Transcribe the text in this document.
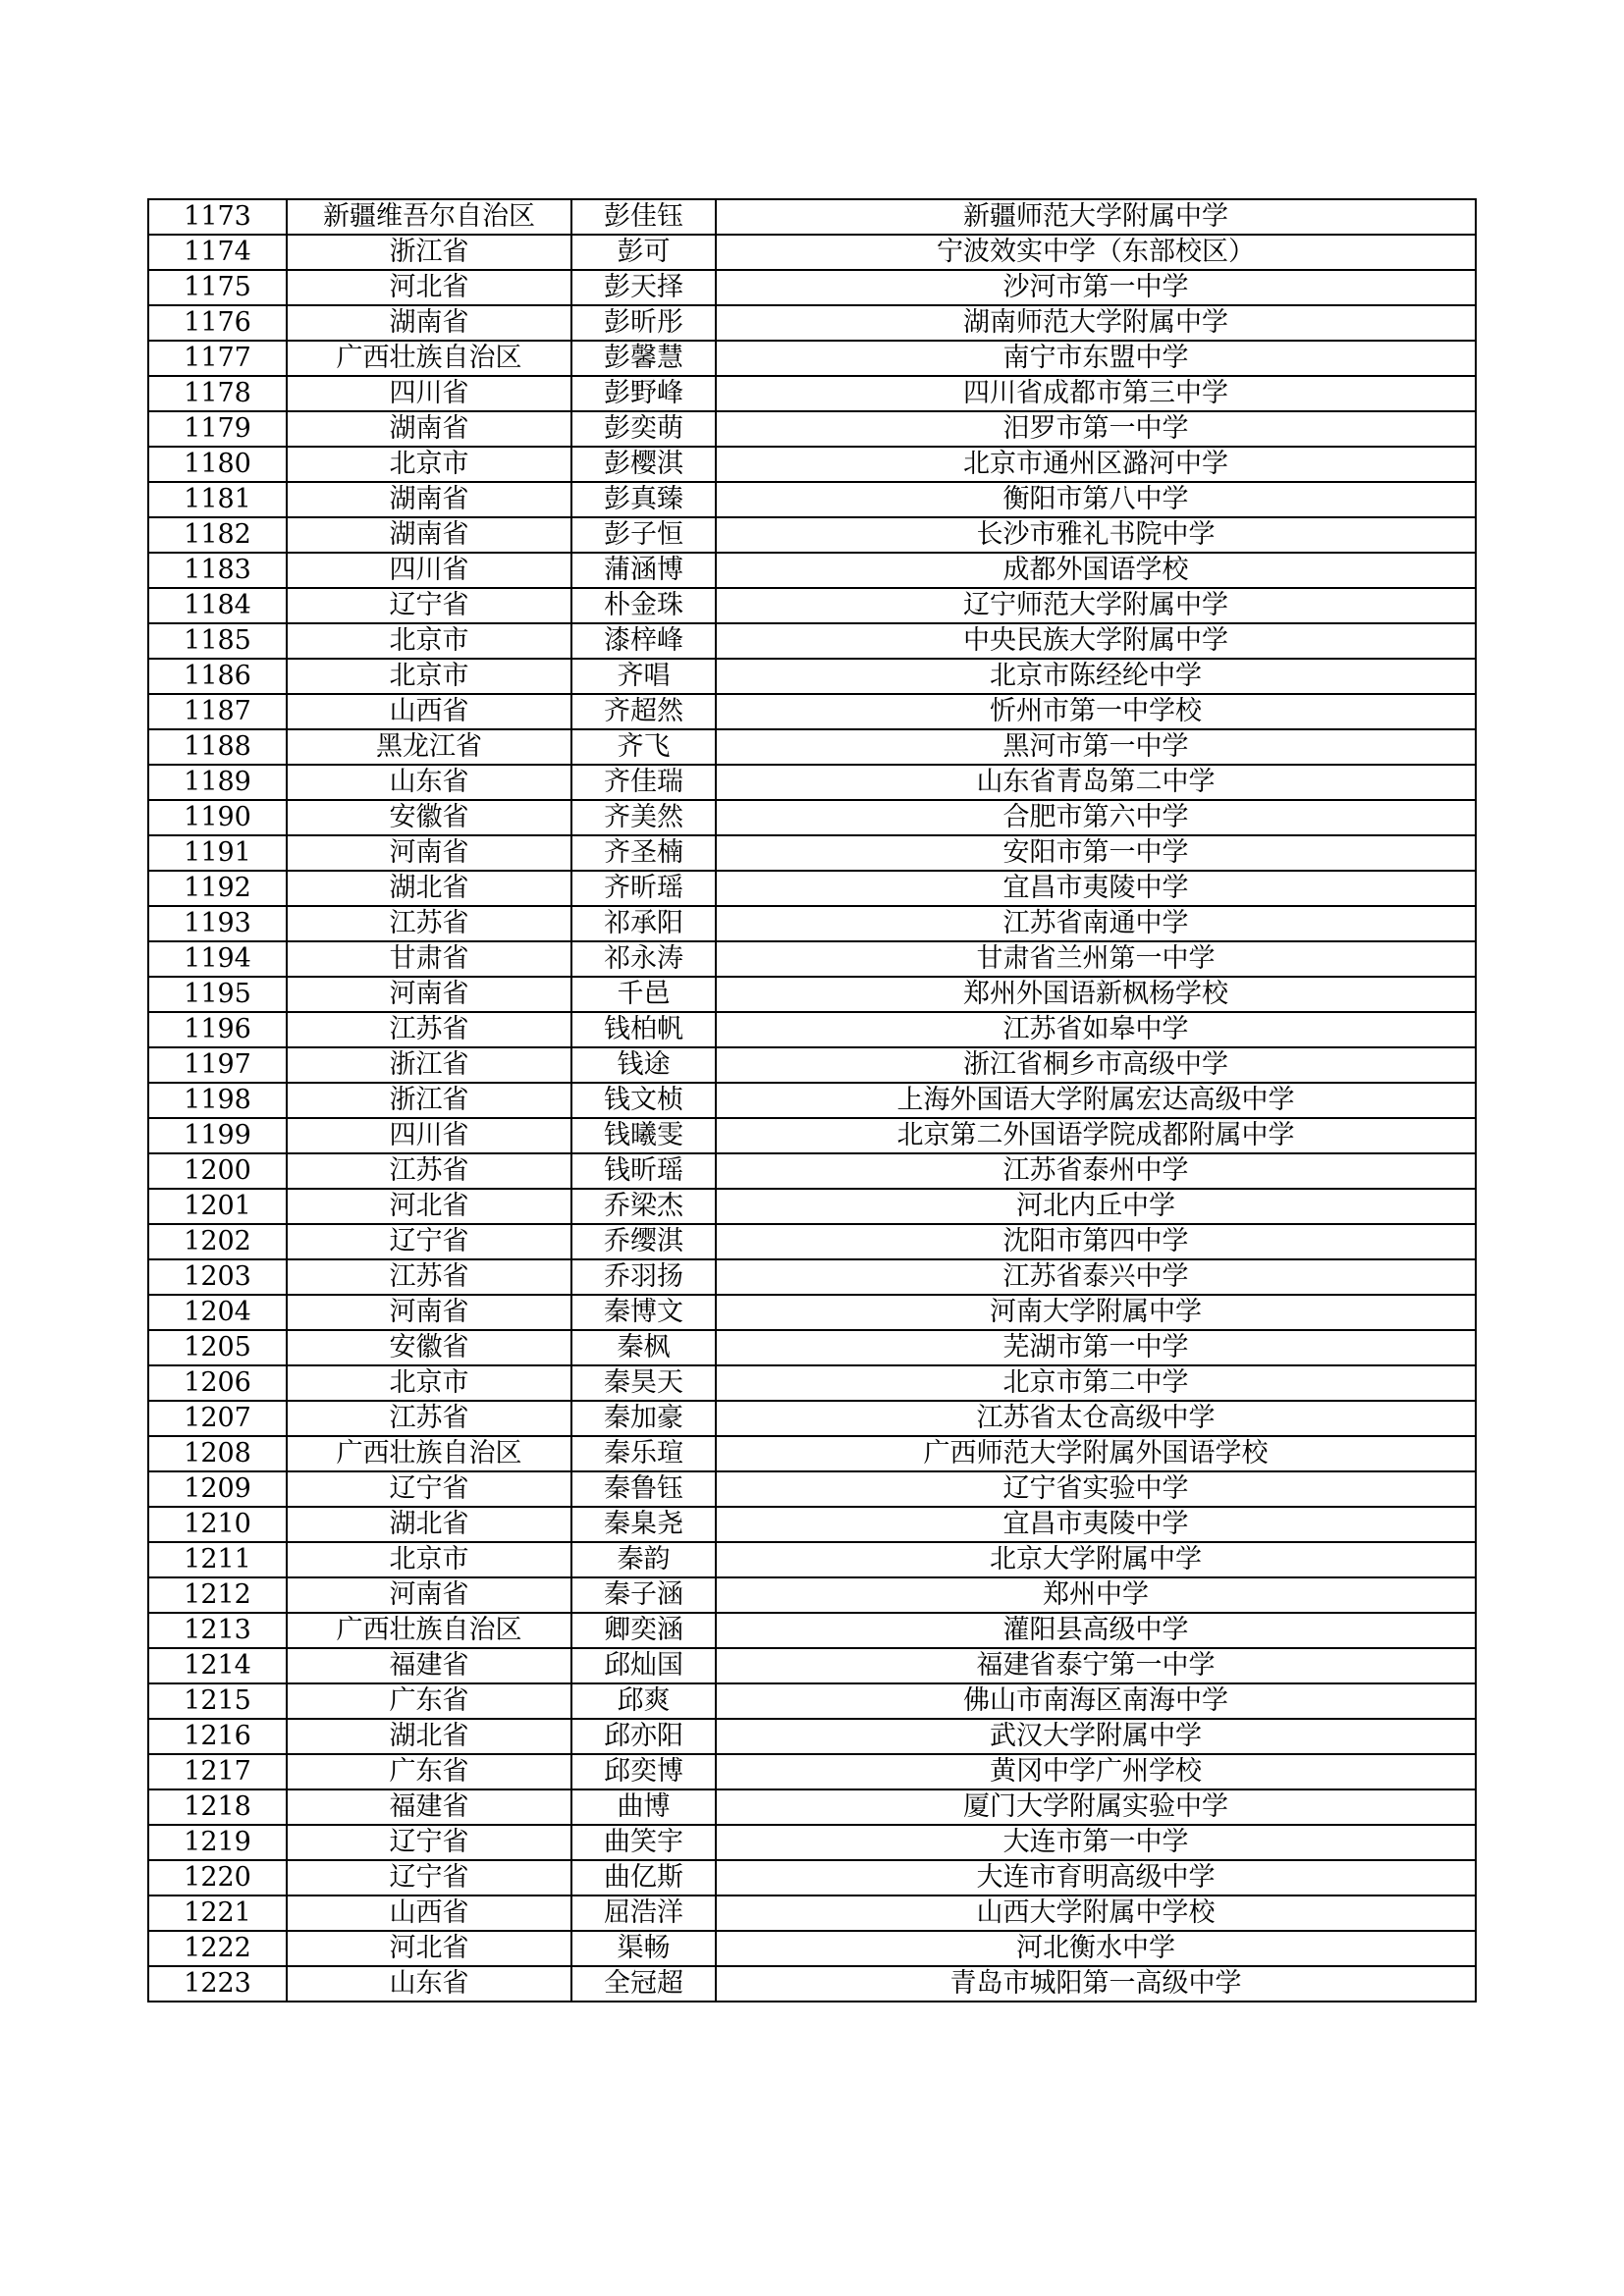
1173	新疆维吾尔自治区	彭佳钰	新疆师范大学附属中学
1174	浙江省	彭可	宁波效实中学（东部校区）
1175	河北省	彭天择	沙河市第一中学
1176	湖南省	彭昕彤	湖南师范大学附属中学
1177	广西壮族自治区	彭馨慧	南宁市东盟中学
1178	四川省	彭野峰	四川省成都市第三中学
1179	湖南省	彭奕萌	汨罗市第一中学
1180	北京市	彭樱淇	北京市通州区潞河中学
1181	湖南省	彭真臻	衡阳市第八中学
1182	湖南省	彭子恒	长沙市雅礼书院中学
1183	四川省	蒲涵博	成都外国语学校
1184	辽宁省	朴金珠	辽宁师范大学附属中学
1185	北京市	漆梓峰	中央民族大学附属中学
1186	北京市	齐唱	北京市陈经纶中学
1187	山西省	齐超然	忻州市第一中学校
1188	黑龙江省	齐飞	黑河市第一中学
1189	山东省	齐佳瑞	山东省青岛第二中学
1190	安徽省	齐美然	合肥市第六中学
1191	河南省	齐圣楠	安阳市第一中学
1192	湖北省	齐昕瑶	宜昌市夷陵中学
1193	江苏省	祁承阳	江苏省南通中学
1194	甘肃省	祁永涛	甘肃省兰州第一中学
1195	河南省	千邑	郑州外国语新枫杨学校
1196	江苏省	钱柏帆	江苏省如皋中学
1197	浙江省	钱途	浙江省桐乡市高级中学
1198	浙江省	钱文桢	上海外国语大学附属宏达高级中学
1199	四川省	钱曦雯	北京第二外国语学院成都附属中学
1200	江苏省	钱昕瑶	江苏省泰州中学
1201	河北省	乔梁杰	河北内丘中学
1202	辽宁省	乔缨淇	沈阳市第四中学
1203	江苏省	乔羽扬	江苏省泰兴中学
1204	河南省	秦博文	河南大学附属中学
1205	安徽省	秦枫	芜湖市第一中学
1206	北京市	秦昊天	北京市第二中学
1207	江苏省	秦加豪	江苏省太仓高级中学
1208	广西壮族自治区	秦乐瑄	广西师范大学附属外国语学校
1209	辽宁省	秦鲁钰	辽宁省实验中学
1210	湖北省	秦臬尧	宜昌市夷陵中学
1211	北京市	秦韵	北京大学附属中学
1212	河南省	秦子涵	郑州中学
1213	广西壮族自治区	卿奕涵	灌阳县高级中学
1214	福建省	邱灿国	福建省泰宁第一中学
1215	广东省	邱爽	佛山市南海区南海中学
1216	湖北省	邱亦阳	武汉大学附属中学
1217	广东省	邱奕博	黄冈中学广州学校
1218	福建省	曲博	厦门大学附属实验中学
1219	辽宁省	曲笑宇	大连市第一中学
1220	辽宁省	曲亿斯	大连市育明高级中学
1221	山西省	屈浩洋	山西大学附属中学校
1222	河北省	渠畅	河北衡水中学
1223	山东省	全冠超	青岛市城阳第一高级中学
